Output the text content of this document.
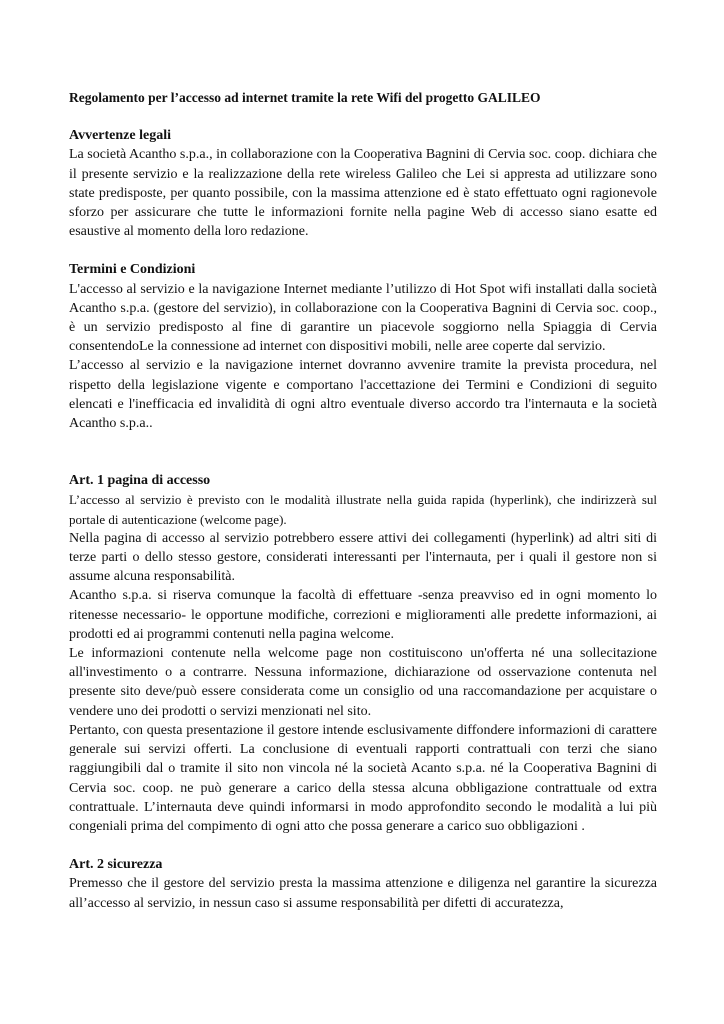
Regolamento per l’accesso ad internet tramite la rete Wifi del progetto GALILEO

Avvertenze legali

La società Acantho s.p.a., in collaborazione con la Cooperativa Bagnini di Cervia soc. coop. dichiara che il presente servizio e la realizzazione della rete wireless Galileo che Lei si appresta ad utilizzare sono state predisposte, per quanto possibile, con la massima attenzione ed è stato effettuato ogni ragionevole sforzo per assicurare che tutte le informazioni fornite nella pagine Web di accesso siano esatte ed esaustive al momento della loro redazione.

Termini e Condizioni

L'accesso al servizio e la navigazione Internet mediante l’utilizzo di Hot Spot wifi installati dalla società Acantho s.p.a. (gestore del servizio), in collaborazione con la Cooperativa Bagnini di Cervia soc. coop., è un servizio predisposto al fine di garantire un piacevole soggiorno nella Spiaggia di Cervia consentendoLe la connessione ad internet con dispositivi mobili, nelle aree coperte dal servizio.

L’accesso al servizio e la navigazione internet dovranno avvenire tramite la prevista procedura, nel rispetto della legislazione vigente e comportano l'accettazione dei Termini e Condizioni di seguito elencati e l'inefficacia ed invalidità di ogni altro eventuale diverso accordo tra l'internauta e la società Acantho s.p.a..

Art. 1 pagina di accesso

L’accesso al servizio è previsto con le modalità illustrate nella guida rapida (hyperlink), che indirizzerà sul portale di autenticazione (welcome page).

Nella pagina di accesso al servizio potrebbero essere attivi dei collegamenti (hyperlink) ad altri siti di terze parti o dello stesso gestore, considerati interessanti per l'internauta, per i quali il gestore non si assume alcuna responsabilità.

Acantho s.p.a. si riserva comunque la facoltà di effettuare -senza preavviso ed in ogni momento lo ritenesse necessario- le opportune modifiche, correzioni e miglioramenti alle predette informazioni, ai prodotti ed ai programmi contenuti nella pagina welcome.

Le informazioni contenute nella welcome page non costituiscono un'offerta né una sollecitazione all'investimento o a contrarre. Nessuna informazione, dichiarazione od osservazione contenuta nel presente sito deve/può essere considerata come un consiglio od una raccomandazione per acquistare o vendere uno dei prodotti o servizi menzionati nel sito.

Pertanto, con questa presentazione il gestore intende esclusivamente diffondere informazioni di carattere generale sui servizi offerti. La conclusione di eventuali rapporti contrattuali con terzi che siano raggiungibili dal o tramite il sito non vincola né la società Acanto s.p.a. né la Cooperativa Bagnini di Cervia soc. coop. ne può generare a carico della stessa alcuna obbligazione contrattuale od extra contrattuale. L’internauta deve quindi informarsi in modo approfondito secondo le modalità a lui più congeniali prima del compimento di ogni atto che possa generare a carico suo obbligazioni .

Art. 2 sicurezza

Premesso che il gestore del servizio presta la massima attenzione e diligenza nel garantire la sicurezza all’accesso al servizio, in nessun caso si assume responsabilità per difetti di accuratezza,
